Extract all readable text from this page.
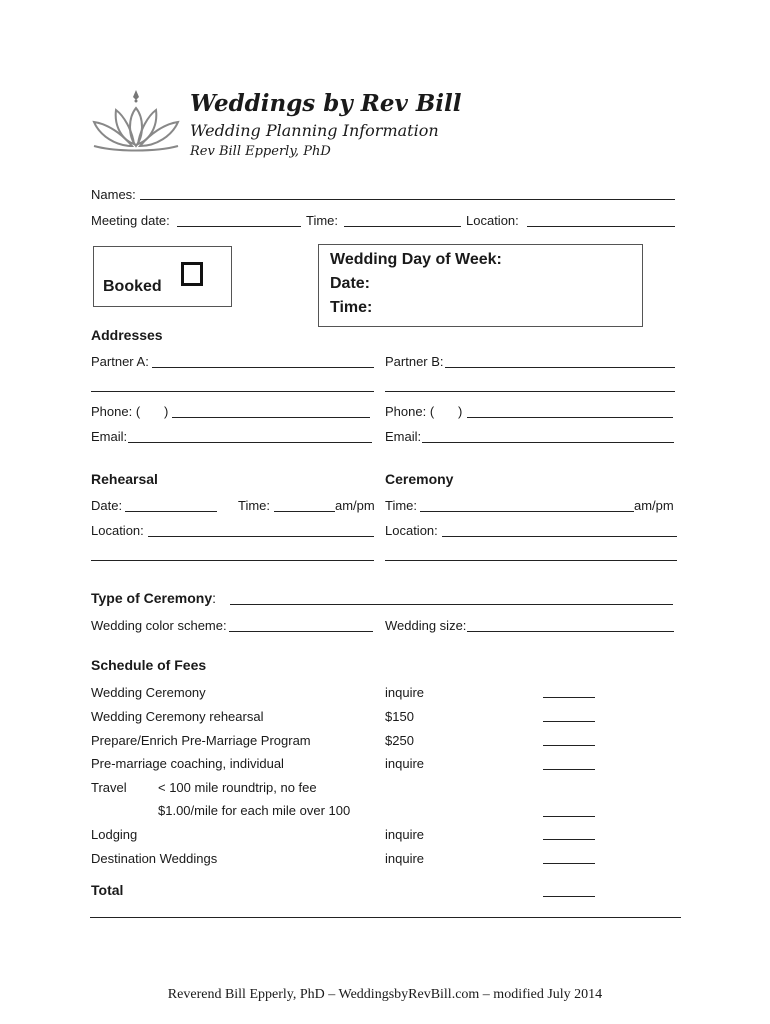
Weddings by Rev Bill
Wedding Planning Information
Rev Bill Epperly, PhD
Names:
Meeting date:	Time:	Location:
Booked
Wedding Day of Week:
Date:
Time:
Addresses
Partner A:	Partner B:
Phone: ( )	Phone: ( )
Email:	Email:
Rehearsal	Ceremony
Date:	Time:	am/pm Time:	am/pm
Location:	Location:
Type of Ceremony:
Wedding color scheme:	Wedding size:
Schedule of Fees
Wedding Ceremony	inquire
Wedding Ceremony rehearsal	$150
Prepare/Enrich Pre-Marriage Program	$250
Pre-marriage coaching, individual	inquire
Travel < 100 mile roundtrip, no fee
$1.00/mile for each mile over 100
Lodging	inquire
Destination Weddings	inquire
Total
Reverend Bill Epperly, PhD – WeddingsbyRevBill.com – modified July 2014
